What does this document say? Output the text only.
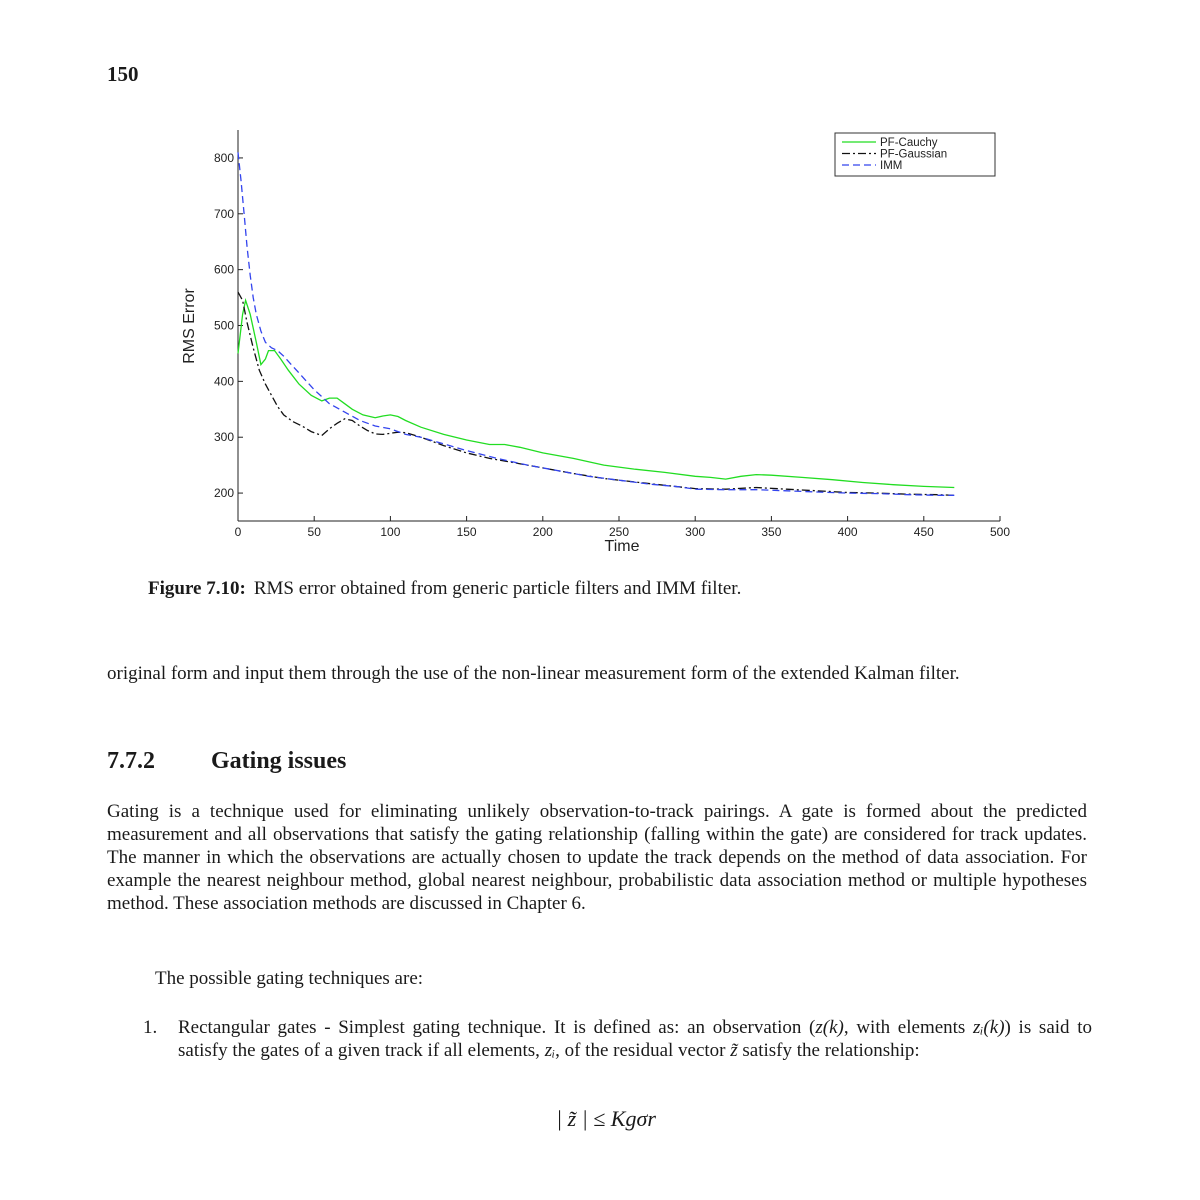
150
0	50	100	150	200	250	300	350	400	450	500
200
300
400
500
600
700
800
Time
RMS Error
PF-Cauchy
PF-Gaussian
IMM
Figure 7.10: RMS error obtained from generic particle filters and IMM filter.

original form and input them through the use of the non-linear measurement form of the extended Kalman filter.

7.7.2 Gating issues

Gating is a technique used for eliminating unlikely observation-to-track pairings. A gate is formed about the predicted measurement and all observations that satisfy the gating relationship (falling within the gate) are considered for track updates. The manner in which the observations are actually chosen to update the track depends on the method of data association. For example the nearest neighbour method, global nearest neighbour, probabilistic data association method or multiple hypotheses method. These association methods are discussed in Chapter 6.

The possible gating techniques are:

1. Rectangular gates - Simplest gating technique. It is defined as: an observation (z(k), with elements zᵢ(k)) is said to satisfy the gates of a given track if all elements, zᵢ, of the residual vector z̃ satisfy the relationship:
| z̃ | ≤ Kgσr
